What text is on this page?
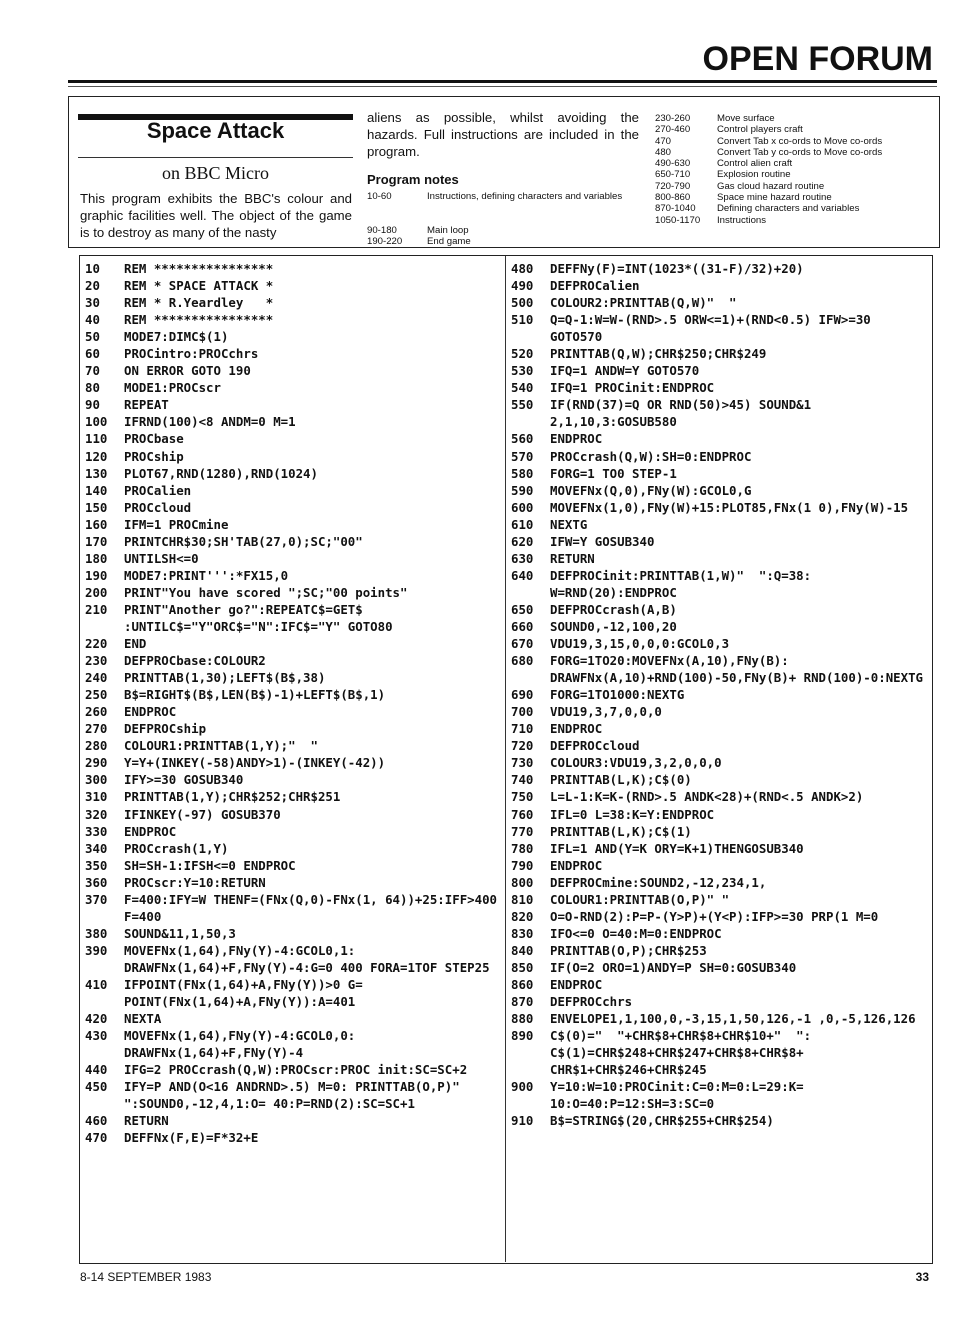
OPEN FORUM
Space Attack
on BBC Micro
This program exhibits the BBC's colour and graphic facilities well. The object of the game is to destroy as many of the nasty
aliens as possible, whilst avoiding the hazards. Full instructions are included in the program.
Program notes
10-60	Instructions, defining characters and variables
90-180	Main loop
190-220	End game
230-260	Move surface
270-460	Control players craft
470	Convert Tab x co-ords to Move co-ords
480	Convert Tab y co-ords to Move co-ords
490-630	Control alien craft
650-710	Explosion routine
720-790	Gas cloud hazard routine
800-860	Space mine hazard routine
870-1040 Defining characters and variables
1050-1170 Instructions
10	REM ****************
20	REM * SPACE ATTACK *
30	REM * R.Yeardley   *
40	REM ****************
50	MODE7:DIMC$(1)
60	PROCintro:PROCchrs
70	ON ERROR GOTO 190
80	MODE1:PROCscr
90	REPEAT
100	IFRND(100)<8 ANDM=0 M=1
110	PROCbase
120	PROCship
130	PLOT67,RND(1280),RND(1024)
140	PROCalien
150	PROCcloud
160	IFM=1 PROCmine
170	PRINTCHR$30;SH'TAB(27,0);SC;"00"
180	UNTILSH<=0
190	MODE7:PRINT''':*FX15,0
200	PRINT"You have scored ";SC;"00 points"
210	PRINT"Another go?":REPEATC$=GET$ :UNTILC$="Y"ORC$="N":IFC$="Y" GOTO80
220	END
230	DEFPROCbase:COLOUR2
240	PRINTTAB(1,30);LEFT$(B$,38)
250	B$=RIGHT$(B$,LEN(B$)-1)+LEFT$(B$,1)
260	ENDPROC
270	DEFPROCship
280	COLOUR1:PRINTTAB(1,Y);"  "
290	Y=Y+(INKEY(-58)ANDY>1)-(INKEY(-42))
300	IFY>=30 GOSUB340
310	PRINTTAB(1,Y);CHR$252;CHR$251
320	IFINKEY(-97) GOSUB370
330	ENDPROC
340	PROCcrash(1,Y)
350	SH=SH-1:IFSH<=0 ENDPROC
360	PROCscr:Y=10:RETURN
370	F=400:IFY=W THENF=(FNx(Q,0)-FNx(1, 64))+25:IFF>400 F=400
380	SOUND&11,1,50,3
390	MOVEFNx(1,64),FNy(Y)-4:GCOL0,1: DRAWFNx(1,64)+F,FNy(Y)-4:G=0 400 FORA=1TOF STEP25
410	IFPOINT(FNx(1,64)+A,FNy(Y))>0 G= POINT(FNx(1,64)+A,FNy(Y)):A=401
420	NEXTA
430	MOVEFNx(1,64),FNy(Y)-4:GCOL0,0: DRAWFNx(1,64)+F,FNy(Y)-4
440	IFG=2 PROCcrash(Q,W):PROCscr:PROC init:SC=SC+2
450	IFY=P AND(O<16 ANDRND>.5) M=0: PRINTTAB(O,P)" ":SOUND0,-12,4,1:O= 40:P=RND(2):SC=SC+1
460	RETURN
470	DEFFNx(F,E)=F*32+E
480	DEFFNy(F)=INT(1023*((31-F)/32)+20)
490	DEFPROCalien
500	COLOUR2:PRINTTAB(Q,W)"  "
510	Q=Q-1:W=W-(RND>.5 ORW<=1)+(RND<0.5) IFW>=30 GOTO570
520	PRINTTAB(Q,W);CHR$250;CHR$249
530	IFQ=1 ANDW=Y GOTO570
540	IFQ=1 PROCinit:ENDPROC
550	IF(RND(37)=Q OR RND(50)>45) SOUND&1 2,1,10,3:GOSUB580
560	ENDPROC
570	PROCcrash(Q,W):SH=0:ENDPROC
580	FORG=1 TO0 STEP-1
590	MOVEFNx(Q,0),FNy(W):GCOL0,G
600	MOVEFNx(1,0),FNy(W)+15:PLOT85,FNx(1 0),FNy(W)-15
610	NEXTG
620	IFW=Y GOSUB340
630	RETURN
640	DEFPROCinit:PRINTTAB(1,W)"  ":Q=38: W=RND(20):ENDPROC
650	DEFPROCcrash(A,B)
660	SOUND0,-12,100,20
670	VDU19,3,15,0,0,0:GCOL0,3
680	FORG=1TO20:MOVEFNx(A,10),FNy(B): DRAWFNx(A,10)+RND(100)-50,FNy(B)+ RND(100)-0:NEXTG
690	FORG=1TO1000:NEXTG
700	VDU19,3,7,0,0,0
710	ENDPROC
720	DEFPROCcloud
730	COLOUR3:VDU19,3,2,0,0,0
740	PRINTTAB(L,K);C$(0)
750	L=L-1:K=K-(RND>.5 ANDK<28)+(RND<.5 ANDK>2)
760	IFL=0 L=38:K=Y:ENDPROC
770	PRINTTAB(L,K);C$(1)
780	IFL=1 AND(Y=K ORY=K+1)THENGOSUB340
790	ENDPROC
800	DEFPROCmine:SOUND2,-12,234,1,
810	COLOUR1:PRINTTAB(O,P)" "
820	O=O-RND(2):P=P-(Y>P)+(Y<P):IFP>=30 PRP(1 M=0
830	IFO<=0 O=40:M=0:ENDPROC
840	PRINTTAB(O,P);CHR$253
850	IF(O=2 ORO=1)ANDY=P SH=0:GOSUB340
860	ENDPROC
870	DEFPROCchrs
880	ENVELOPE1,1,100,0,-3,15,1,50,126,-1 ,0,-5,126,126
890	C$(0)="  "+CHR$8+CHR$8+CHR$10+"  ": C$(1)=CHR$248+CHR$247+CHR$8+CHR$8+ CHR$1+CHR$246+CHR$245
900	Y=10:W=10:PROCinit:C=0:M=0:L=29:K= 10:O=40:P=12:SH=3:SC=0
910	B$=STRING$(20,CHR$255+CHR$254)
8-14 SEPTEMBER 1983	33
